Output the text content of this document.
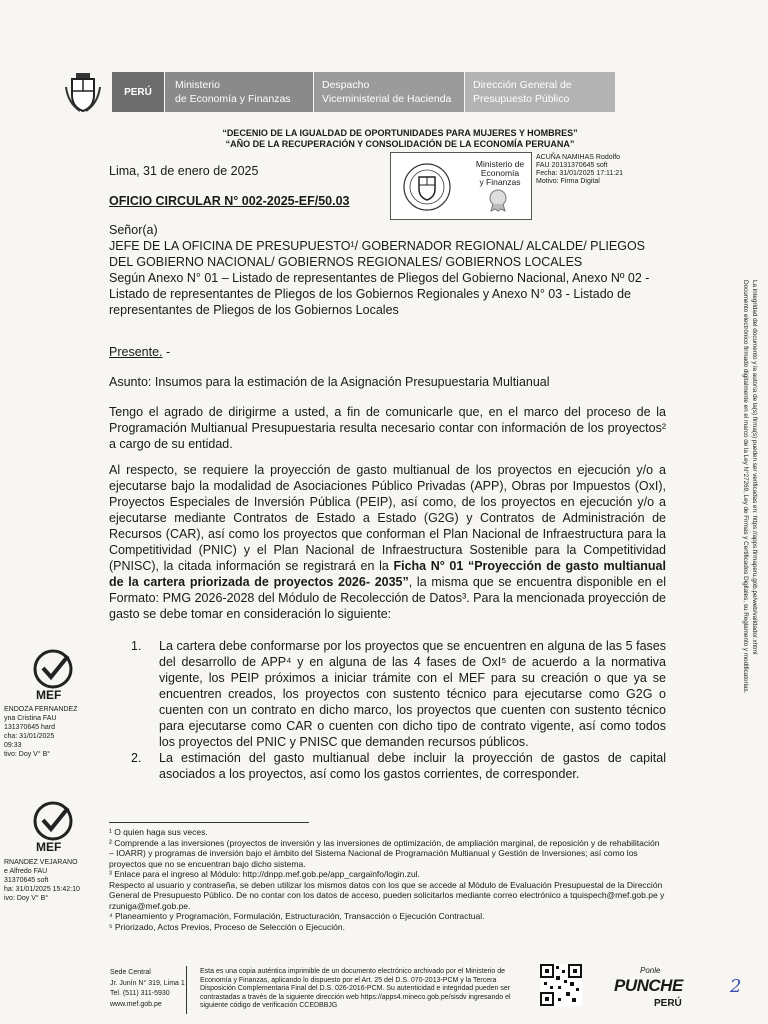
PERÚ
Ministerio
de Economía y Finanzas
Despacho
Viceministerial de Hacienda
Dirección General de
Presupuesto Público
“DECENIO DE LA IGUALDAD DE OPORTUNIDADES PARA MUJERES Y HOMBRES”
“AÑO DE LA RECUPERACIÓN Y CONSOLIDACIÓN DE LA ECONOMÍA PERUANA”
Lima, 31 de enero de 2025
OFICIO CIRCULAR N° 002-2025-EF/50.03
Ministerio de
Economía
y Finanzas
ACUÑA NAMIHAS Rodolfo
FAU 20131370645 soft
Fecha: 31/01/2025 17:11:21
Motivo: Firma Digital
Señor(a)
JEFE DE LA OFICINA DE PRESUPUESTO¹/ GOBERNADOR REGIONAL/ ALCALDE/ PLIEGOS DEL GOBIERNO NACIONAL/ GOBIERNOS REGIONALES/ GOBIERNOS LOCALES
Según Anexo N° 01 – Listado de representantes de Pliegos del Gobierno Nacional, Anexo Nº 02 - Listado de representantes de Pliegos de los Gobiernos Regionales y Anexo N° 03 - Listado de representantes de Pliegos de los Gobiernos Locales
Presente. -
Asunto: Insumos para la estimación de la Asignación Presupuestaria Multianual
Tengo el agrado de dirigirme a usted, a fin de comunicarle que, en el marco del proceso de la Programación Multianual Presupuestaria resulta necesario contar con información de los proyectos² a cargo de su entidad.
Al respecto, se requiere la proyección de gasto multianual de los proyectos en ejecución y/o a ejecutarse bajo la modalidad de Asociaciones Público Privadas (APP), Obras por Impuestos (OxI), Proyectos Especiales de Inversión Pública (PEIP), así como, de los proyectos en ejecución y/o a ejecutarse mediante Contratos de Estado a Estado (G2G) y Contratos de Administración de Recursos (CAR), así como los proyectos que conforman el Plan Nacional de Infraestructura para la Competitividad (PNIC) y el Plan Nacional de Infraestructura Sostenible para la Competitividad (PNISC), la citada información se registrará en la Ficha N° 01 “Proyección de gasto multianual de la cartera priorizada de proyectos 2026- 2035”, la misma que se encuentra disponible en el Formato: PMG 2026-2028 del Módulo de Recolección de Datos³. Para la mencionada proyección de gasto se debe tomar en consideración lo siguiente:
1.	La cartera debe conformarse por los proyectos que se encuentren en alguna de las 5 fases del desarrollo de APP⁴ y en alguna de las 4 fases de OxI⁵ de acuerdo a la normativa vigente, los PEIP próximos a iniciar trámite con el MEF para su creación o que ya se encuentren creados, los proyectos con sustento técnico para ejecutarse como G2G o cuenten con un contrato en dicho marco, los proyectos que cuenten con sustento técnico para ejecutarse como CAR o cuenten con dicho tipo de contrato vigente, así como todos los proyectos del PNIC y PNISC que demanden recursos públicos.
2.	La estimación del gasto multianual debe incluir la proyección de gastos de capital asociados a los proyectos, así como los gastos corrientes, de corresponder.
¹ O quien haga sus veces.
² Comprende a las inversiones (proyectos de inversión y las inversiones de optimización, de ampliación marginal, de reposición y de rehabilitación – IOARR) y programas de inversión bajo el ámbito del Sistema Nacional de Programación Multianual y Gestión de Inversiones; así como los proyectos que no se encuentran bajo dicho sistema.
³ Enlace para el ingreso al Módulo: http://dnpp.mef.gob.pe/app_cargainfo/login.zul.
Respecto al usuario y contraseña, se deben utilizar los mismos datos con los que se accede al Módulo de Evaluación Presupuestal de la Dirección General de Presupuesto Público. De no contar con los datos de acceso, pueden solicitarlos mediante correo electrónico a tquispech@mef.gob.pe y rzuniga@mef.gob.pe.
⁴ Planeamiento y Programación, Formulación, Estructuración, Transacción o Ejecución Contractual.
⁵ Priorizado, Actos Previos, Proceso de Selección o Ejecución.
MEF
ENDOZA FERNANDEZ
yna Cristina FAU
131370645 hard
cha: 31/01/2025
09:33
tivo: Doy V° B°
MEF
RNANDEZ VEJARANO
e Alfredo FAU
31370645 soft
ha: 31/01/2025 15:42:10
ivo: Doy V° B°
Documento electrónico firmado digitalmente en el marco de la Ley N°27269, Ley de Firmas y Certificados Digitales, su Reglamento y modificatorias. La integridad del documento y la autoría de la(s) firma(s) pueden ser verificadas en: https://apps.firmaperu.gob.pe/web/validador.xhtml
Sede Central
Jr. Junín N° 319, Lima 1
Tel. (511) 311-5930
www.mef.gob.pe
Esta es una copia auténtica imprimible de un documento electrónico archivado por el Ministerio de Economía y Finanzas, aplicando lo dispuesto por el Art. 25 del D.S. 070-2013-PCM y la Tercera Disposición Complementaria Final del D.S. 026-2016-PCM. Su autenticidad e integridad pueden ser contrastadas a través de la siguiente dirección web https://apps4.mineco.gob.pe/sisdv ingresando el siguiente código de verificación CCEDBBJG
Ponle
PUNCHE
PERÚ
2
